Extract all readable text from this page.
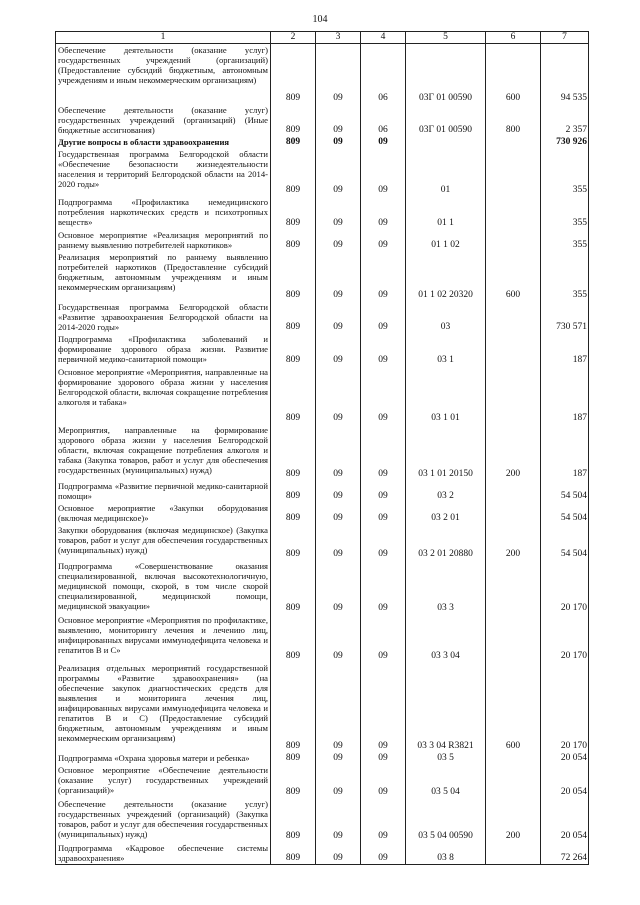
104
1	2	3	4	5	6	7
Обеспечение деятельности (оказание услуг) государственных учреждений (организаций) (Предоставление субсидий бюджетным, автономным учреждениям и иным некоммерческим организациям)	809	09	06	03Г 01 00590	600	94 535
Обеспечение деятельности (оказание услуг) государственных учреждений (организаций) (Иные бюджетные ассигнования)	809	09	06	03Г 01 00590	800	2 357
Другие вопросы в области здравоохранения	809	09	09			730 926
Государственная программа Белгородской области «Обеспечение безопасности жизнедеятельности населения и территорий Белгородской области на 2014-2020 годы»	809	09	09	01		355
Подпрограмма «Профилактика немедицинского потребления наркотических средств и психотропных веществ»	809	09	09	01 1		355
Основное мероприятие «Реализация мероприятий по раннему выявлению потребителей наркотиков»	809	09	09	01 1 02		355
Реализация мероприятий по раннему выявлению потребителей наркотиков (Предоставление субсидий бюджетным, автономным учреждениям и иным некоммерческим организациям)	809	09	09	01 1 02 20320	600	355
Государственная программа Белгородской области «Развитие здравоохранения Белгородской области на 2014-2020 годы»	809	09	09	03		730 571
Подпрограмма «Профилактика заболеваний и формирование здорового образа жизни. Развитие первичной медико-санитарной помощи»	809	09	09	03 1		187
Основное мероприятие «Мероприятия, направленные на формирование здорового образа жизни у населения Белгородской области, включая сокращение потребления алкоголя и табака»	809	09	09	03 1 01		187
Мероприятия, направленные на формирование здорового образа жизни у населения Белгородской области, включая сокращение потребления алкоголя и табака (Закупка товаров, работ и услуг для обеспечения государственных (муниципальных) нужд)	809	09	09	03 1 01 20150	200	187
Подпрограмма «Развитие первичной медико-санитарной помощи»	809	09	09	03 2		54 504
Основное мероприятие «Закупки оборудования (включая медицинское)»	809	09	09	03 2 01		54 504
Закупки оборудования (включая медицинское) (Закупка товаров, работ и услуг для обеспечения государственных (муниципальных) нужд)	809	09	09	03 2 01 20880	200	54 504
Подпрограмма «Совершенствование оказания специализированной, включая высокотехнологичную, медицинской помощи, скорой, в том числе скорой специализированной, медицинской помощи, медицинской эвакуации»	809	09	09	03 3		20 170
Основное мероприятие «Мероприятия по профилактике, выявлению, мониторингу лечения и лечению лиц, инфицированных вирусами иммунодефицита человека и гепатитов В и С»	809	09	09	03 3 04		20 170
Реализация отдельных мероприятий государственной программы «Развитие здравоохранения» (на обеспечение закупок диагностических средств для выявления и мониторинга лечения лиц, инфицированных вирусами иммунодефицита человека и гепатитов В и С) (Предоставление субсидий бюджетным, автономным учреждениям и иным некоммерческим организациям)	809	09	09	03 3 04 R3821	600	20 170
Подпрограмма «Охрана здоровья матери и ребенка»	809	09	09	03 5		20 054
Основное мероприятие «Обеспечение деятельности (оказание услуг) государственных учреждений (организаций)»	809	09	09	03 5 04		20 054
Обеспечение деятельности (оказание услуг) государственных учреждений (организаций) (Закупка товаров, работ и услуг для обеспечения государственных (муниципальных) нужд)	809	09	09	03 5 04 00590	200	20 054
Подпрограмма «Кадровое обеспечение системы здравоохранения»	809	09	09	03 8		72 264
